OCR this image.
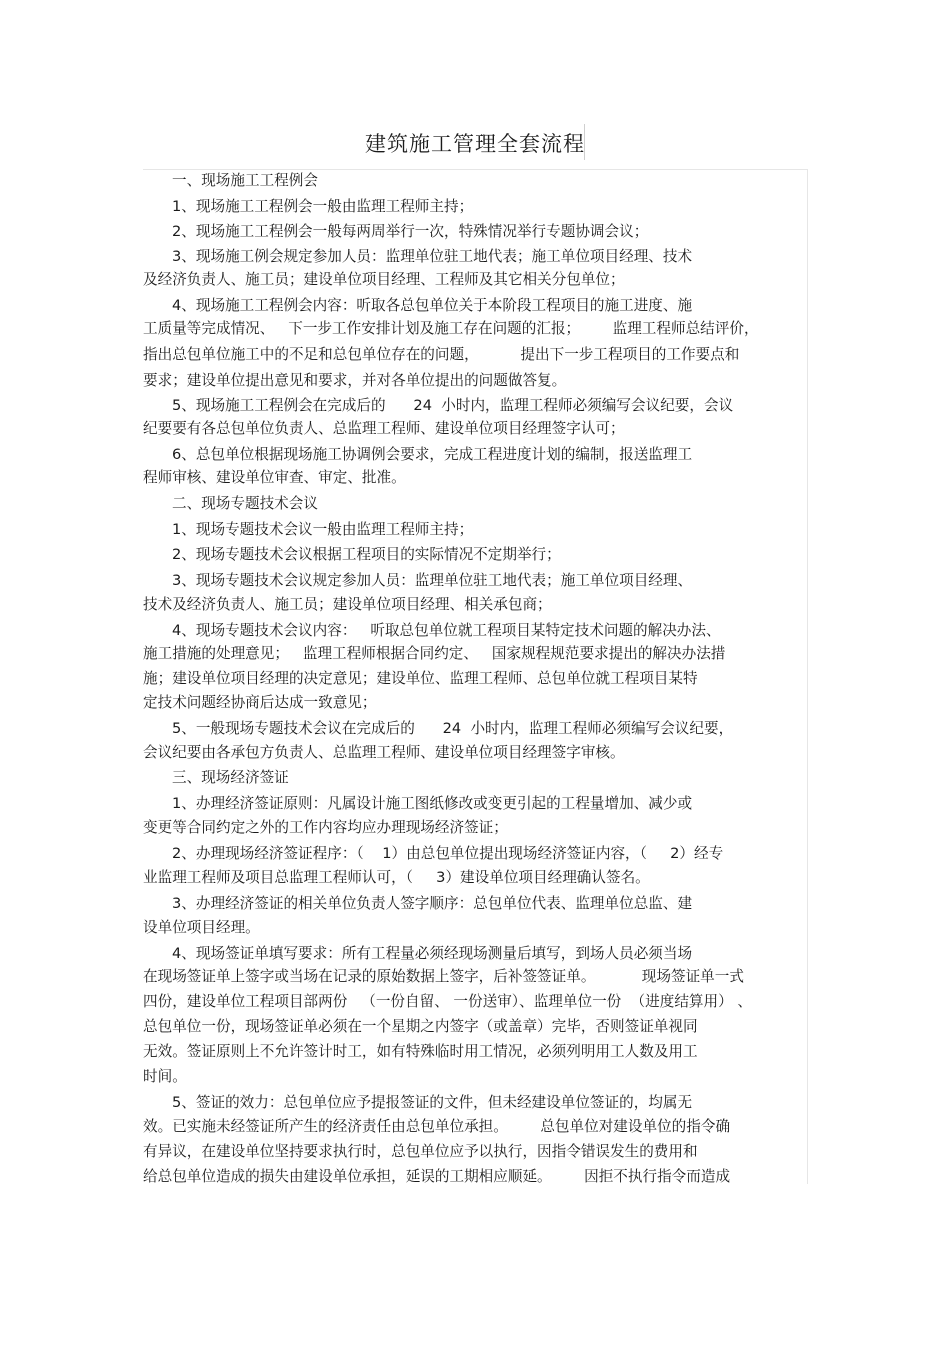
建筑施工管理全套流程
一、现场施工工程例会
1、现场施工工程例会一般由监理工程师主持；
2、现场施工工程例会一般每两周举行一次，特殊情况举行专题协调会议；
3、现场施工例会规定参加人员：监理单位驻工地代表；施工单位项目经理、技术
及经济负责人、施工员；建设单位项目经理、工程师及其它相关分包单位；
4、现场施工工程例会内容：听取各总包单位关于本阶段工程项目的施工进度、施
工质量等完成情况、   下一步工作安排计划及施工存在问题的汇报；       监理工程师总结评价，
指出总包单位施工中的不足和总包单位存在的问题，         提出下一步工程项目的工作要点和
要求；建设单位提出意见和要求，并对各单位提出的问题做答复。
5、现场施工工程例会在完成后的      24  小时内，监理工程师必须编写会议纪要，会议
纪要要有各总包单位负责人、总监理工程师、建设单位项目经理签字认可；
6、总包单位根据现场施工协调例会要求，完成工程进度计划的编制，报送监理工
程师审核、建设单位审查、审定、批准。
二、现场专题技术会议
1、现场专题技术会议一般由监理工程师主持；
2、现场专题技术会议根据工程项目的实际情况不定期举行；
3、现场专题技术会议规定参加人员：监理单位驻工地代表；施工单位项目经理、
技术及经济负责人、施工员；建设单位项目经理、相关承包商；
4、现场专题技术会议内容：   听取总包单位就工程项目某特定技术问题的解决办法、
施工措施的处理意见；   监理工程师根据合同约定、   国家规程规范要求提出的解决办法措
施；建设单位项目经理的决定意见；建设单位、监理工程师、总包单位就工程项目某特
定技术问题经协商后达成一致意见；
5、一般现场专题技术会议在完成后的      24  小时内，监理工程师必须编写会议纪要，
会议纪要由各承包方负责人、总监理工程师、建设单位项目经理签字审核。
三、现场经济签证
1、办理经济签证原则：凡属设计施工图纸修改或变更引起的工程量增加、减少或
变更等合同约定之外的工作内容均应办理现场经济签证；
2、办理现场经济签证程序：（    1）由总包单位提出现场经济签证内容，（     2）经专
业监理工程师及项目总监理工程师认可，（     3）建设单位项目经理确认签名。
3、办理经济签证的相关单位负责人签字顺序：总包单位代表、监理单位总监、建
设单位项目经理。
4、现场签证单填写要求：所有工程量必须经现场测量后填写，到场人员必须当场
在现场签证单上签字或当场在记录的原始数据上签字，后补签签证单。          现场签证单一式
四份，建设单位工程项目部两份   （一份自留、 一份送审）、监理单位一份  （进度结算用） 、
总包单位一份，现场签证单必须在一个星期之内签字（或盖章）完毕，否则签证单视同
无效。签证原则上不允许签计时工，如有特殊临时用工情况，必须列明用工人数及用工
时间。
5、签证的效力：总包单位应予提报签证的文件，但未经建设单位签证的，均属无
效。已实施未经签证所产生的经济责任由总包单位承担。       总包单位对建设单位的指令确
有异议，在建设单位坚持要求执行时，总包单位应予以执行，因指令错误发生的费用和
给总包单位造成的损失由建设单位承担，延误的工期相应顺延。       因拒不执行指令而造成
